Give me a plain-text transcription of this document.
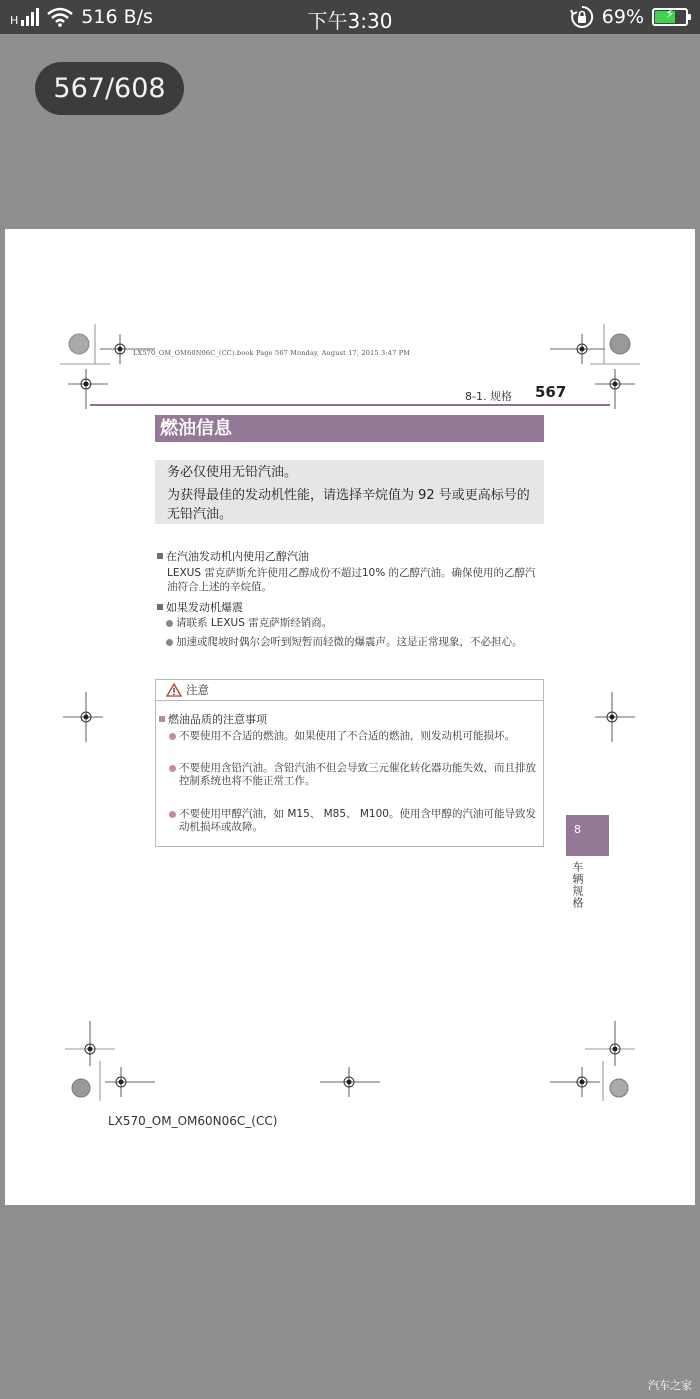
H	516 B/s	下午3:30	69%	⚡
567/608
LX570_OM_OM60N06C_(CC).book Page 567 Monday, August 17, 2015 3:47 PM
8-1. 规格 567
燃油信息

务必仅使用无铅汽油。

为获得最佳的发动机性能，请选择辛烷值为 92 号或更高标号的无铅汽油。

在汽油发动机内使用乙醇汽油
LEXUS 雷克萨斯允许使用乙醇成份不超过10% 的乙醇汽油。确保使用的乙醇汽油符合上述的辛烷值。
如果发动机爆震
请联系 LEXUS 雷克萨斯经销商。
加速或爬坡时偶尔会听到短暂而轻微的爆震声。这是正常现象，不必担心。
注意
燃油品质的注意事项
不要使用不合适的燃油。如果使用了不合适的燃油，则发动机可能损坏。
不要使用含铅汽油。含铅汽油不但会导致三元催化转化器功能失效，而且排放控制系统也将不能正常工作。
不要使用甲醇汽油，如 M15、 M85、 M100。使用含甲醇的汽油可能导致发动机损坏或故障。	8
车辆规格
LX570_OM_OM60N06C_(CC)
汽车之家
